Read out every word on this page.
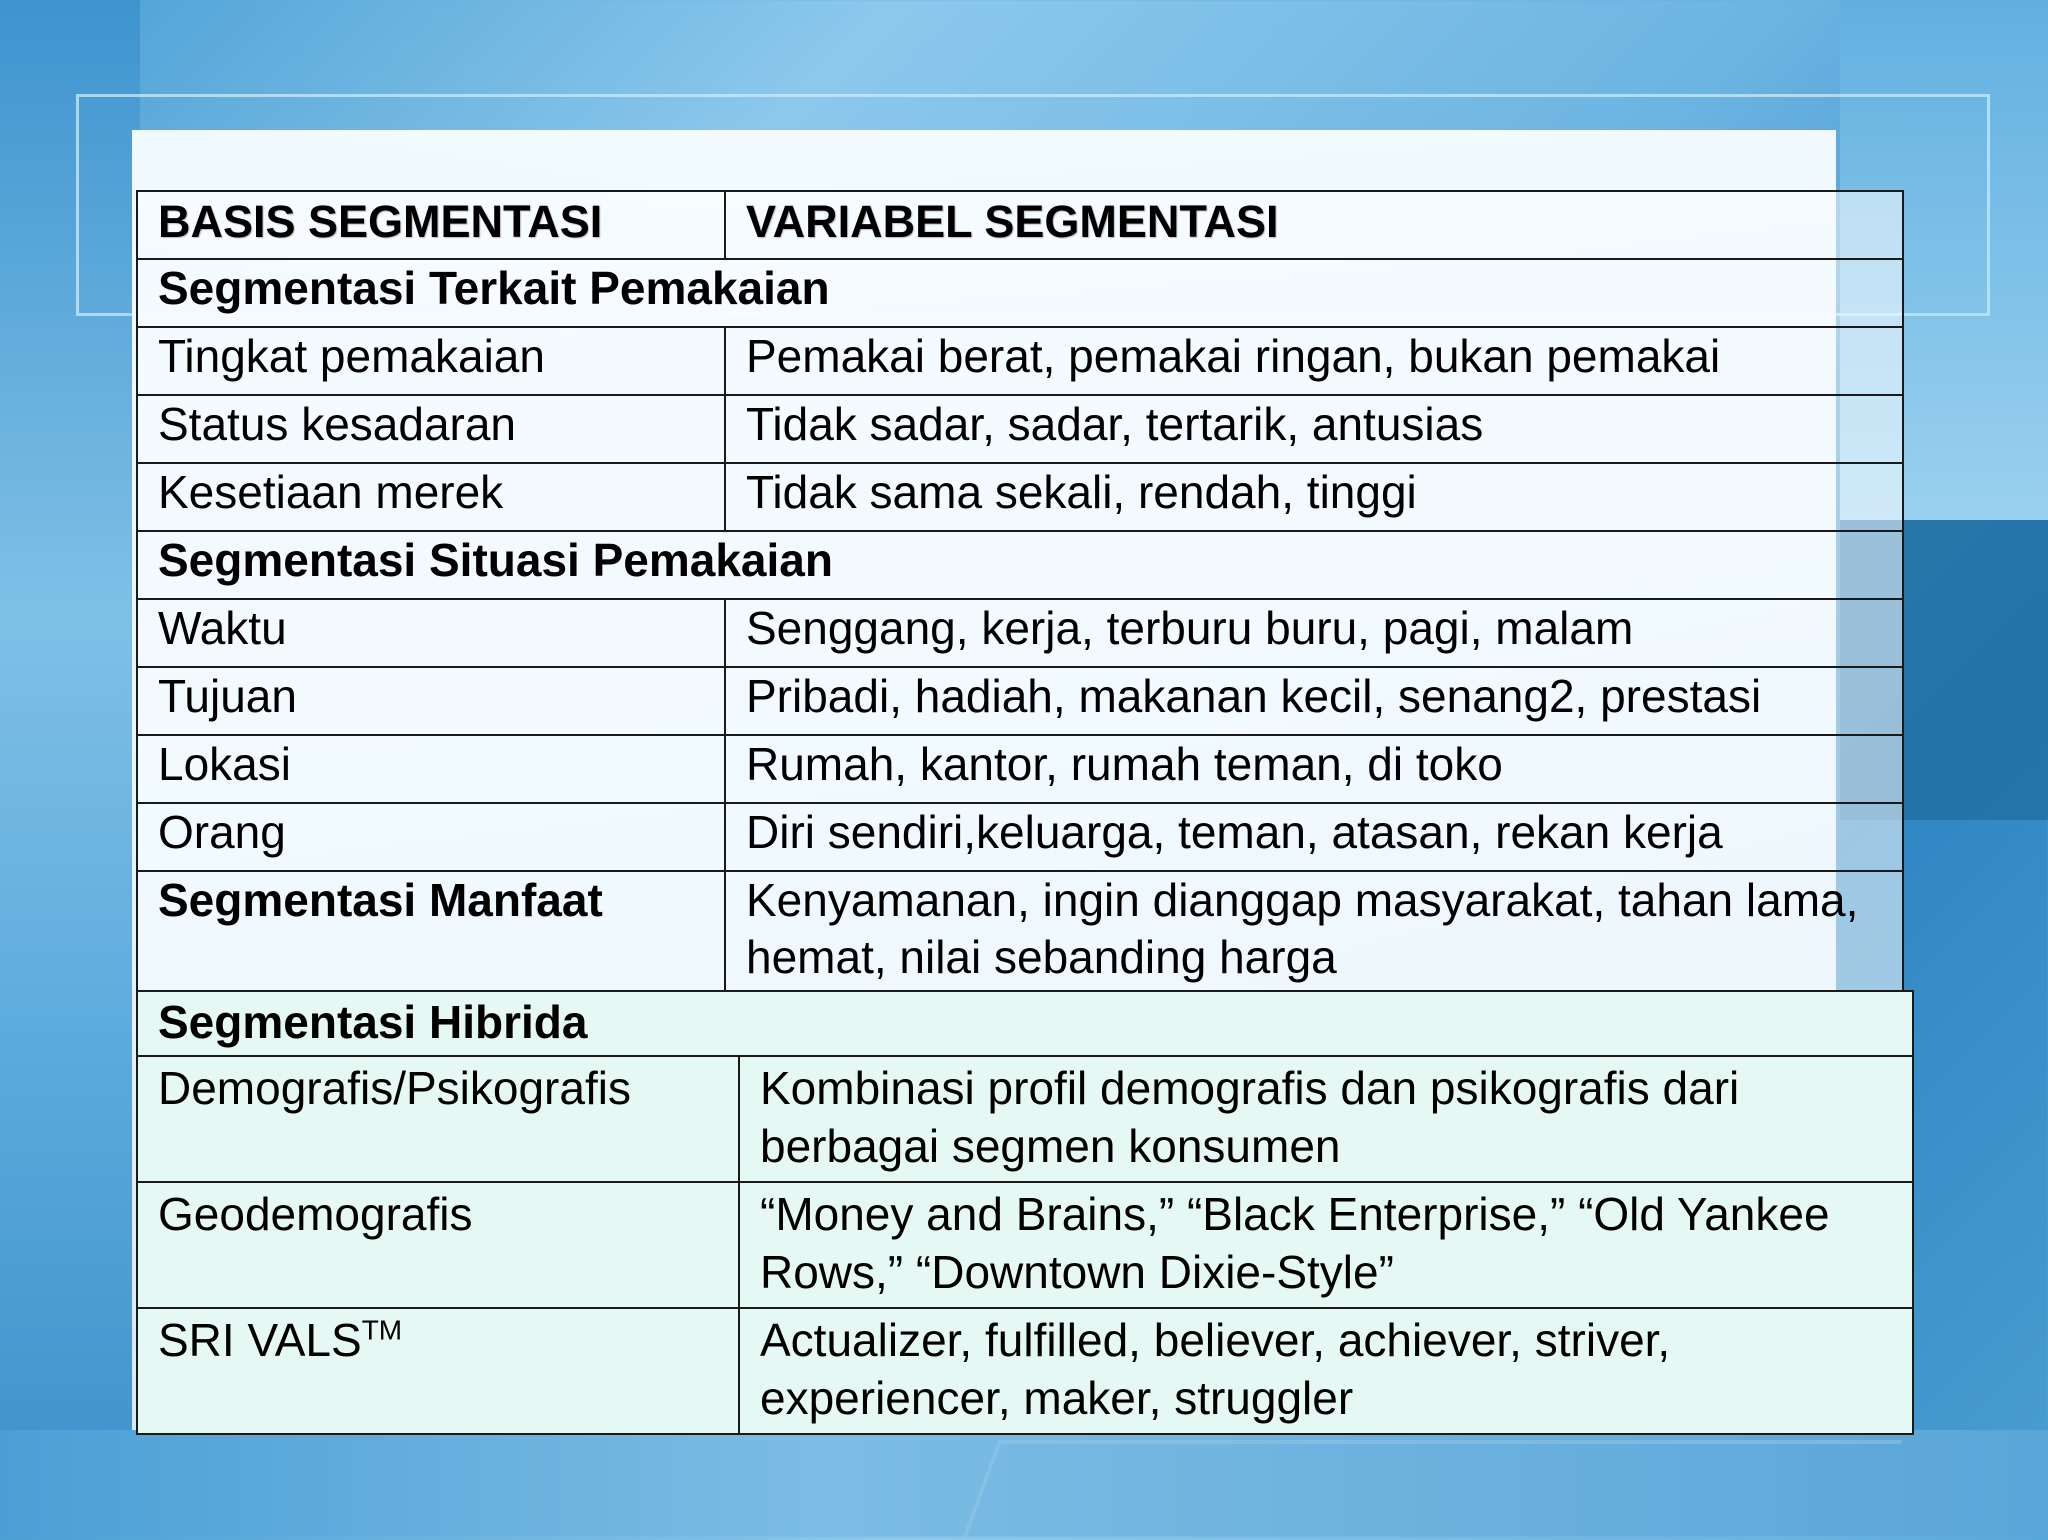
BASIS SEGMENTASI	VARIABEL SEGMENTASI
Segmentasi Terkait Pemakaian	
Tingkat pemakaian	Pemakai berat, pemakai ringan, bukan pemakai
Status kesadaran	Tidak sadar, sadar, tertarik, antusias
Kesetiaan merek	Tidak sama sekali, rendah, tinggi
Segmentasi Situasi Pemakaian	
Waktu	Senggang, kerja, terburu buru, pagi, malam
Tujuan	Pribadi, hadiah, makanan kecil, senang2, prestasi
Lokasi	Rumah, kantor, rumah teman, di toko
Orang	Diri sendiri,keluarga, teman, atasan, rekan kerja
Segmentasi Manfaat	Kenyamanan, ingin dianggap masyarakat, tahan lama, hemat, nilai sebanding harga
Segmentasi Hibrida	
Demografis/Psikografis	Kombinasi profil demografis dan psikografis dari berbagai segmen konsumen
Geodemografis	“Money and Brains,” “Black Enterprise,” “Old Yankee Rows,” “Downtown Dixie-Style”
SRI VALS™	Actualizer, fulfilled, believer, achiever, striver, experiencer, maker, struggler
